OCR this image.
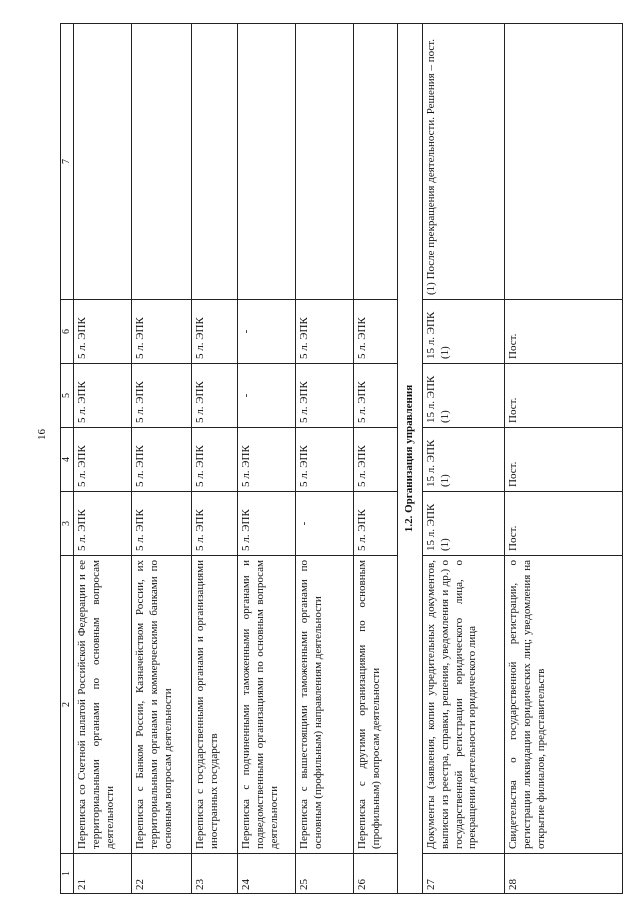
16
1	2	3	4	5	6	7
21	Переписка со Счетной палатой Российской Федерации и ее территориальными органами по основным вопросам деятельности	5 л. ЭПК	5 л. ЭПК	5 л. ЭПК	5 л. ЭПК	
22	Переписка с Банком России, Казначейством России, их территориальными органами и коммерческими банками по основным вопросам деятельности	5 л. ЭПК	5 л. ЭПК	5 л. ЭПК	5 л. ЭПК	
23	Переписка с государственными органами и организациями иностранных государств	5 л. ЭПК	5 л. ЭПК	5 л. ЭПК	5 л. ЭПК	
24	Переписка с подчиненными таможенными органами и подведомственными организациями по основным вопросам деятельности	5 л. ЭПК	5 л. ЭПК	-	-	
25	Переписка с вышестоящими таможенными органами по основным (профильным) направлениям деятельности	-	5 л. ЭПК	5 л. ЭПК	5 л. ЭПК	
26	Переписка с другими организациями по основным (профильным) вопросам деятельности	5 л. ЭПК	5 л. ЭПК	5 л. ЭПК	5 л. ЭПК	
1.2. Организация управления						
27	Документы (заявления, копии учредительных документов, выписки из реестра, справки, решения, уведомления и др.) о государственной регистрации юридического лица, о прекращении деятельности юридического лица	15 л. ЭПК (1)	15 л. ЭПК (1)	15 л. ЭПК (1)	15 л. ЭПК (1)	(1) После прекращения деятельности. Решения – пост.
28	Свидетельства о государственной регистрации, о регистрации ликвидации юридических лиц; уведомления на открытие филиалов, представительств	Пост.	Пост.	Пост.	Пост.	
